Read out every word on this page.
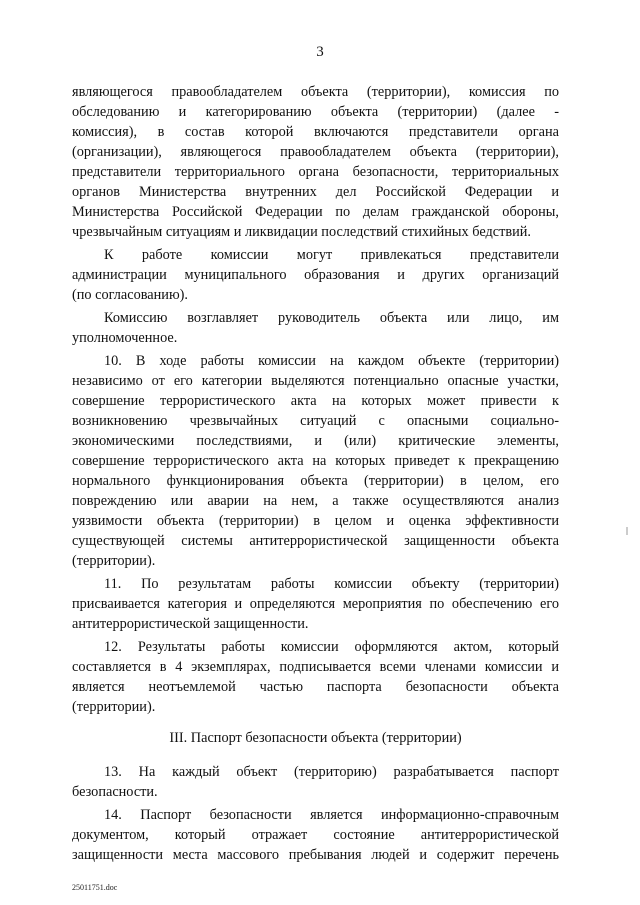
3
являющегося правообладателем объекта (территории), комиссия по
обследованию и категорированию объекта (территории) (далее -
комиссия), в состав которой включаются представители органа
(организации), являющегося правообладателем объекта (территории),
представители территориального органа безопасности, территориальных
органов Министерства внутренних дел Российской Федерации и
Министерства Российской Федерации по делам гражданской обороны,
чрезвычайным ситуациям и ликвидации последствий стихийных бедствий.
К работе комиссии могут привлекаться представители
администрации муниципального образования и других организаций
(по согласованию).
Комиссию возглавляет руководитель объекта или лицо, им
уполномоченное.
10. В ходе работы комиссии на каждом объекте (территории)
независимо от его категории выделяются потенциально опасные участки,
совершение террористического акта на которых может привести к
возникновению чрезвычайных ситуаций с опасными социально-
экономическими последствиями, и (или) критические элементы,
совершение террористического акта на которых приведет к прекращению
нормального функционирования объекта (территории) в целом, его
повреждению или аварии на нем, а также осуществляются анализ
уязвимости объекта (территории) в целом и оценка эффективности
существующей системы антитеррористической защищенности объекта
(территории).
11. По результатам работы комиссии объекту (территории)
присваивается категория и определяются мероприятия по обеспечению его
антитеррористической защищенности.
12. Результаты работы комиссии оформляются актом, который
составляется в 4 экземплярах, подписывается всеми членами комиссии и
является неотъемлемой частью паспорта безопасности объекта
(территории).
III. Паспорт безопасности объекта (территории)
13. На каждый объект (территорию) разрабатывается паспорт
безопасности.
14. Паспорт безопасности является информационно-справочным
документом, который отражает состояние антитеррористической
защищенности места массового пребывания людей и содержит перечень
25011751.doc
